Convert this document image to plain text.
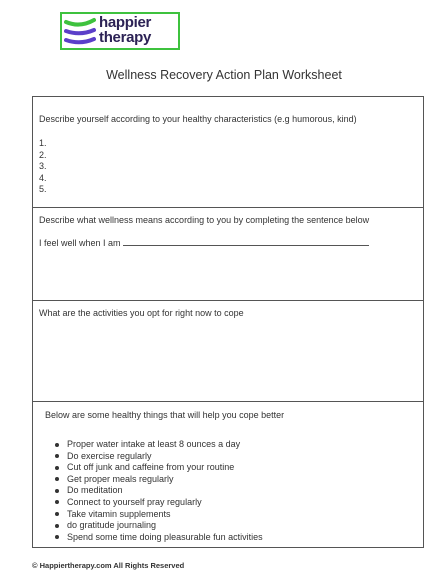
happier
therapy
Wellness Recovery Action Plan Worksheet
Describe yourself according to your healthy characteristics (e.g humorous, kind)
1.
2.
3.
4.
5.
Describe what wellness means according to you by completing the sentence below
I feel well when I am
What are the activities you opt for right now to cope
Below are some healthy things that will help you cope better
Proper water intake at least 8 ounces a day
Do exercise regularly
Cut off junk and caffeine from your routine
Get proper meals regularly
Do meditation
Connect to yourself pray regularly
Take vitamin supplements
do gratitude journaling
Spend some time doing pleasurable fun activities
© Happiertherapy.com All Rights Reserved
